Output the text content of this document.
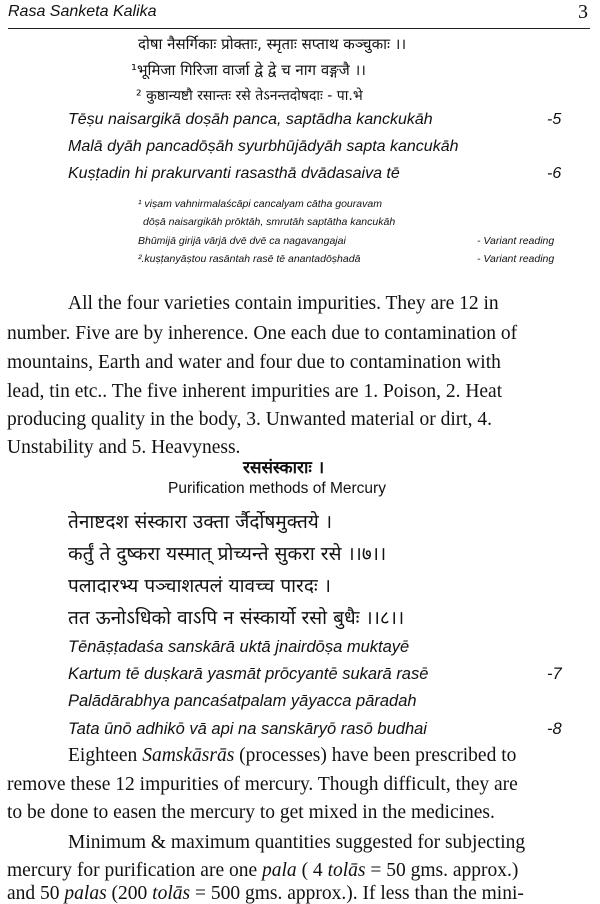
Rasa Sanketa Kalika	3
दोषा नैसर्गिकाः प्रोक्ताः, स्मृताः सप्ताथ कञ्चुकाः ।।
¹भूमिजा गिरिजा वार्जा द्वे द्वे च नाग वङ्गजै ।।
² कुष्ठान्यष्टौ रसान्तः रसे तेऽनन्तदोषदाः - पा.भे
Tēṣu naisargikā doṣāh panca, saptādha kanckukāh	-5
Malā dyāh pancadōṣāh syurbhūjādyāh sapta kancukāh
Kuṣṭadin hi prakurvanti rasasthā dvādasaiva tē	-6
¹ viṣam vahnirmalaścāpi cancalyam cātha gouravam
dōṣā naisargikāh prōktāh, smrutāh saptātha kancukāh
Bhūmijā girijā vārjā dvē dvē ca nagavangajai	- Variant reading
².kuṣṭanyāṣtou rasāntah rasē tē anantadōṣhadā	- Variant reading
All the four varieties contain impurities. They are 12 in
number. Five are by inherence. One each due to contamination of
mountains, Earth and water and four due to contamination with
lead, tin etc.. The five inherent impurities are 1. Poison, 2. Heat
producing quality in the body, 3. Unwanted material or dirt, 4.
Unstability and 5. Heavyness.
रससंस्काराः ।
Purification methods of Mercury
तेनाष्टदश संस्कारा उक्ता र्जैर्दोषमुक्तये ।
कर्तुं ते दुष्करा यस्मात् प्रोच्यन्ते सुकरा रसे ।।७।।
पलादारभ्य पञ्चाशत्पलं यावच्च पारदः ।
तत ऊनोऽधिको वाऽपि न संस्कार्यो रसो बुधैः ।।८।।
Tēnāṣṭadaśa sanskārā uktā jnairdōṣa muktayē
Kartum tē duṣkarā yasmāt prōcyantē sukarā rasē	-7
Palādārabhya pancaśatpalam yāyacca pāradah
Tata ūnō adhikō vā api na sanskāryō rasō budhai	-8
Eighteen Samskāsrās (processes) have been prescribed to
remove these 12 impurities of mercury. Though difficult, they are
to be done to easen the mercury to get mixed in the medicines.
Minimum & maximum quantities suggested for subjecting
mercury for purification are one pala ( 4 tolās = 50 gms. approx.)
and 50 palas (200 tolās = 500 gms. approx.). If less than the mini-
